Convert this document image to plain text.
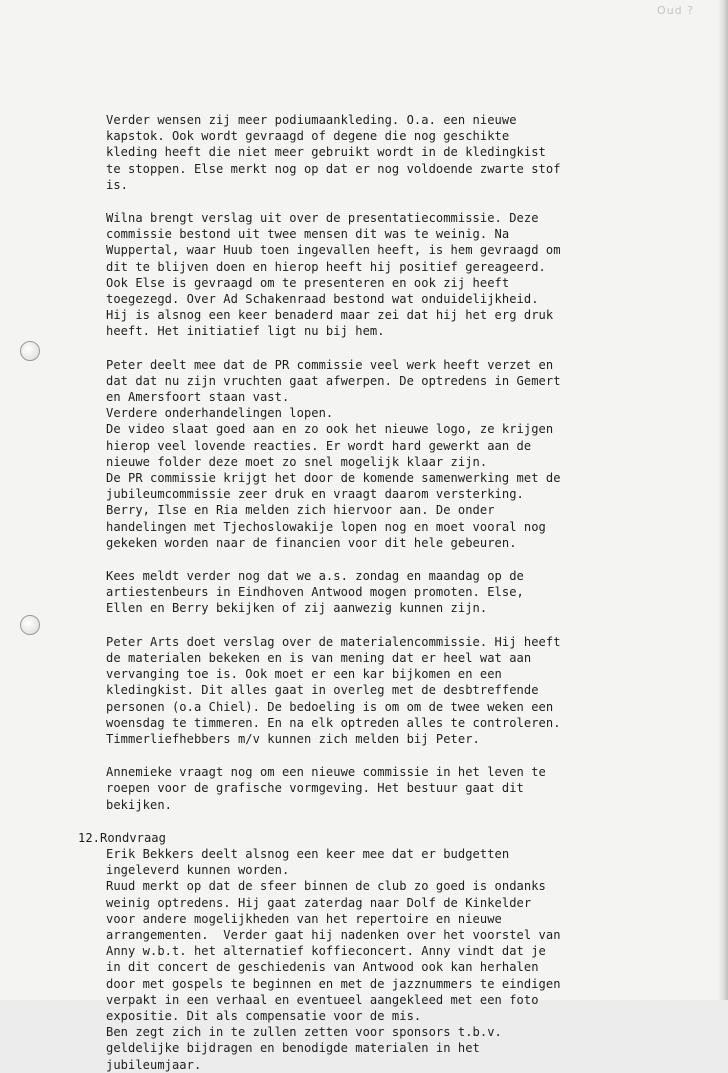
Oud ?

Verder wensen zij meer podiumaankleding. O.a. een nieuwe
kapstok. Ook wordt gevraagd of degene die nog geschikte
kleding heeft die niet meer gebruikt wordt in de kledingkist
te stoppen. Else merkt nog op dat er nog voldoende zwarte stof
is.

Wilna brengt verslag uit over de presentatiecommissie. Deze
commissie bestond uit twee mensen dit was te weinig. Na
Wuppertal, waar Huub toen ingevallen heeft, is hem gevraagd om
dit te blijven doen en hierop heeft hij positief gereageerd.
Ook Else is gevraagd om te presenteren en ook zij heeft
toegezegd. Over Ad Schakenraad bestond wat onduidelijkheid.
Hij is alsnog een keer benaderd maar zei dat hij het erg druk
heeft. Het initiatief ligt nu bij hem.

Peter deelt mee dat de PR commissie veel werk heeft verzet en
dat dat nu zijn vruchten gaat afwerpen. De optredens in Gemert
en Amersfoort staan vast.
Verdere onderhandelingen lopen.
De video slaat goed aan en zo ook het nieuwe logo, ze krijgen
hierop veel lovende reacties. Er wordt hard gewerkt aan de
nieuwe folder deze moet zo snel mogelijk klaar zijn.
De PR commissie krijgt het door de komende samenwerking met de
jubileumcommissie zeer druk en vraagt daarom versterking.
Berry, Ilse en Ria melden zich hiervoor aan. De onder
handelingen met Tjechoslowakije lopen nog en moet vooral nog
gekeken worden naar de financien voor dit hele gebeuren.

Kees meldt verder nog dat we a.s. zondag en maandag op de
artiestenbeurs in Eindhoven Antwood mogen promoten. Else,
Ellen en Berry bekijken of zij aanwezig kunnen zijn.

Peter Arts doet verslag over de materialencommissie. Hij heeft
de materialen bekeken en is van mening dat er heel wat aan
vervanging toe is. Ook moet er een kar bijkomen en een
kledingkist. Dit alles gaat in overleg met de desbtreffende
personen (o.a Chiel). De bedoeling is om om de twee weken een
woensdag te timmeren. En na elk optreden alles te controleren.
Timmerliefhebbers m/v kunnen zich melden bij Peter.

Annemieke vraagt nog om een nieuwe commissie in het leven te
roepen voor de grafische vormgeving. Het bestuur gaat dit
bekijken.

12.Rondvraag
Erik Bekkers deelt alsnog een keer mee dat er budgetten
ingeleverd kunnen worden.
Ruud merkt op dat de sfeer binnen de club zo goed is ondanks
weinig optredens. Hij gaat zaterdag naar Dolf de Kinkelder
voor andere mogelijkheden van het repertoire en nieuwe
arrangementen.  Verder gaat hij nadenken over het voorstel van
Anny w.b.t. het alternatief koffieconcert. Anny vindt dat je
in dit concert de geschiedenis van Antwood ook kan herhalen
door met gospels te beginnen en met de jazznummers te eindigen
verpakt in een verhaal en eventueel aangekleed met een foto
expositie. Dit als compensatie voor de mis.
Ben zegt zich in te zullen zetten voor sponsors t.b.v.
geldelijke bijdragen en benodigde materialen in het
jubileumjaar.
